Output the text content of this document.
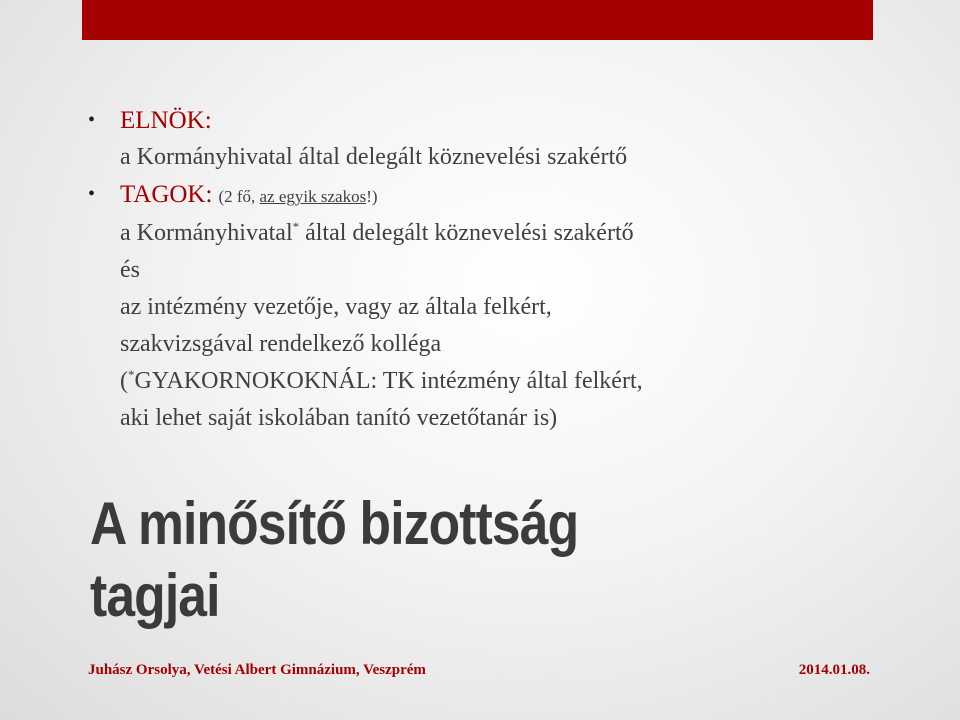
• ELNÖK:
a Kormányhivatal által delegált köznevelési szakértő
• TAGOK: (2 fő, az egyik szakos!)
a Kormányhivatal* által delegált köznevelési szakértő
és
az intézmény vezetője, vagy az általa felkért,
szakvizsgával rendelkező kolléga
(*GYAKORNOKOKNÁL: TK intézmény által felkért,
aki lehet saját iskolában tanító vezetőtanár is)
A minősítő bizottság
tagjai
Juhász Orsolya, Vetési Albert Gimnázium, Veszprém	2014.01.08.
